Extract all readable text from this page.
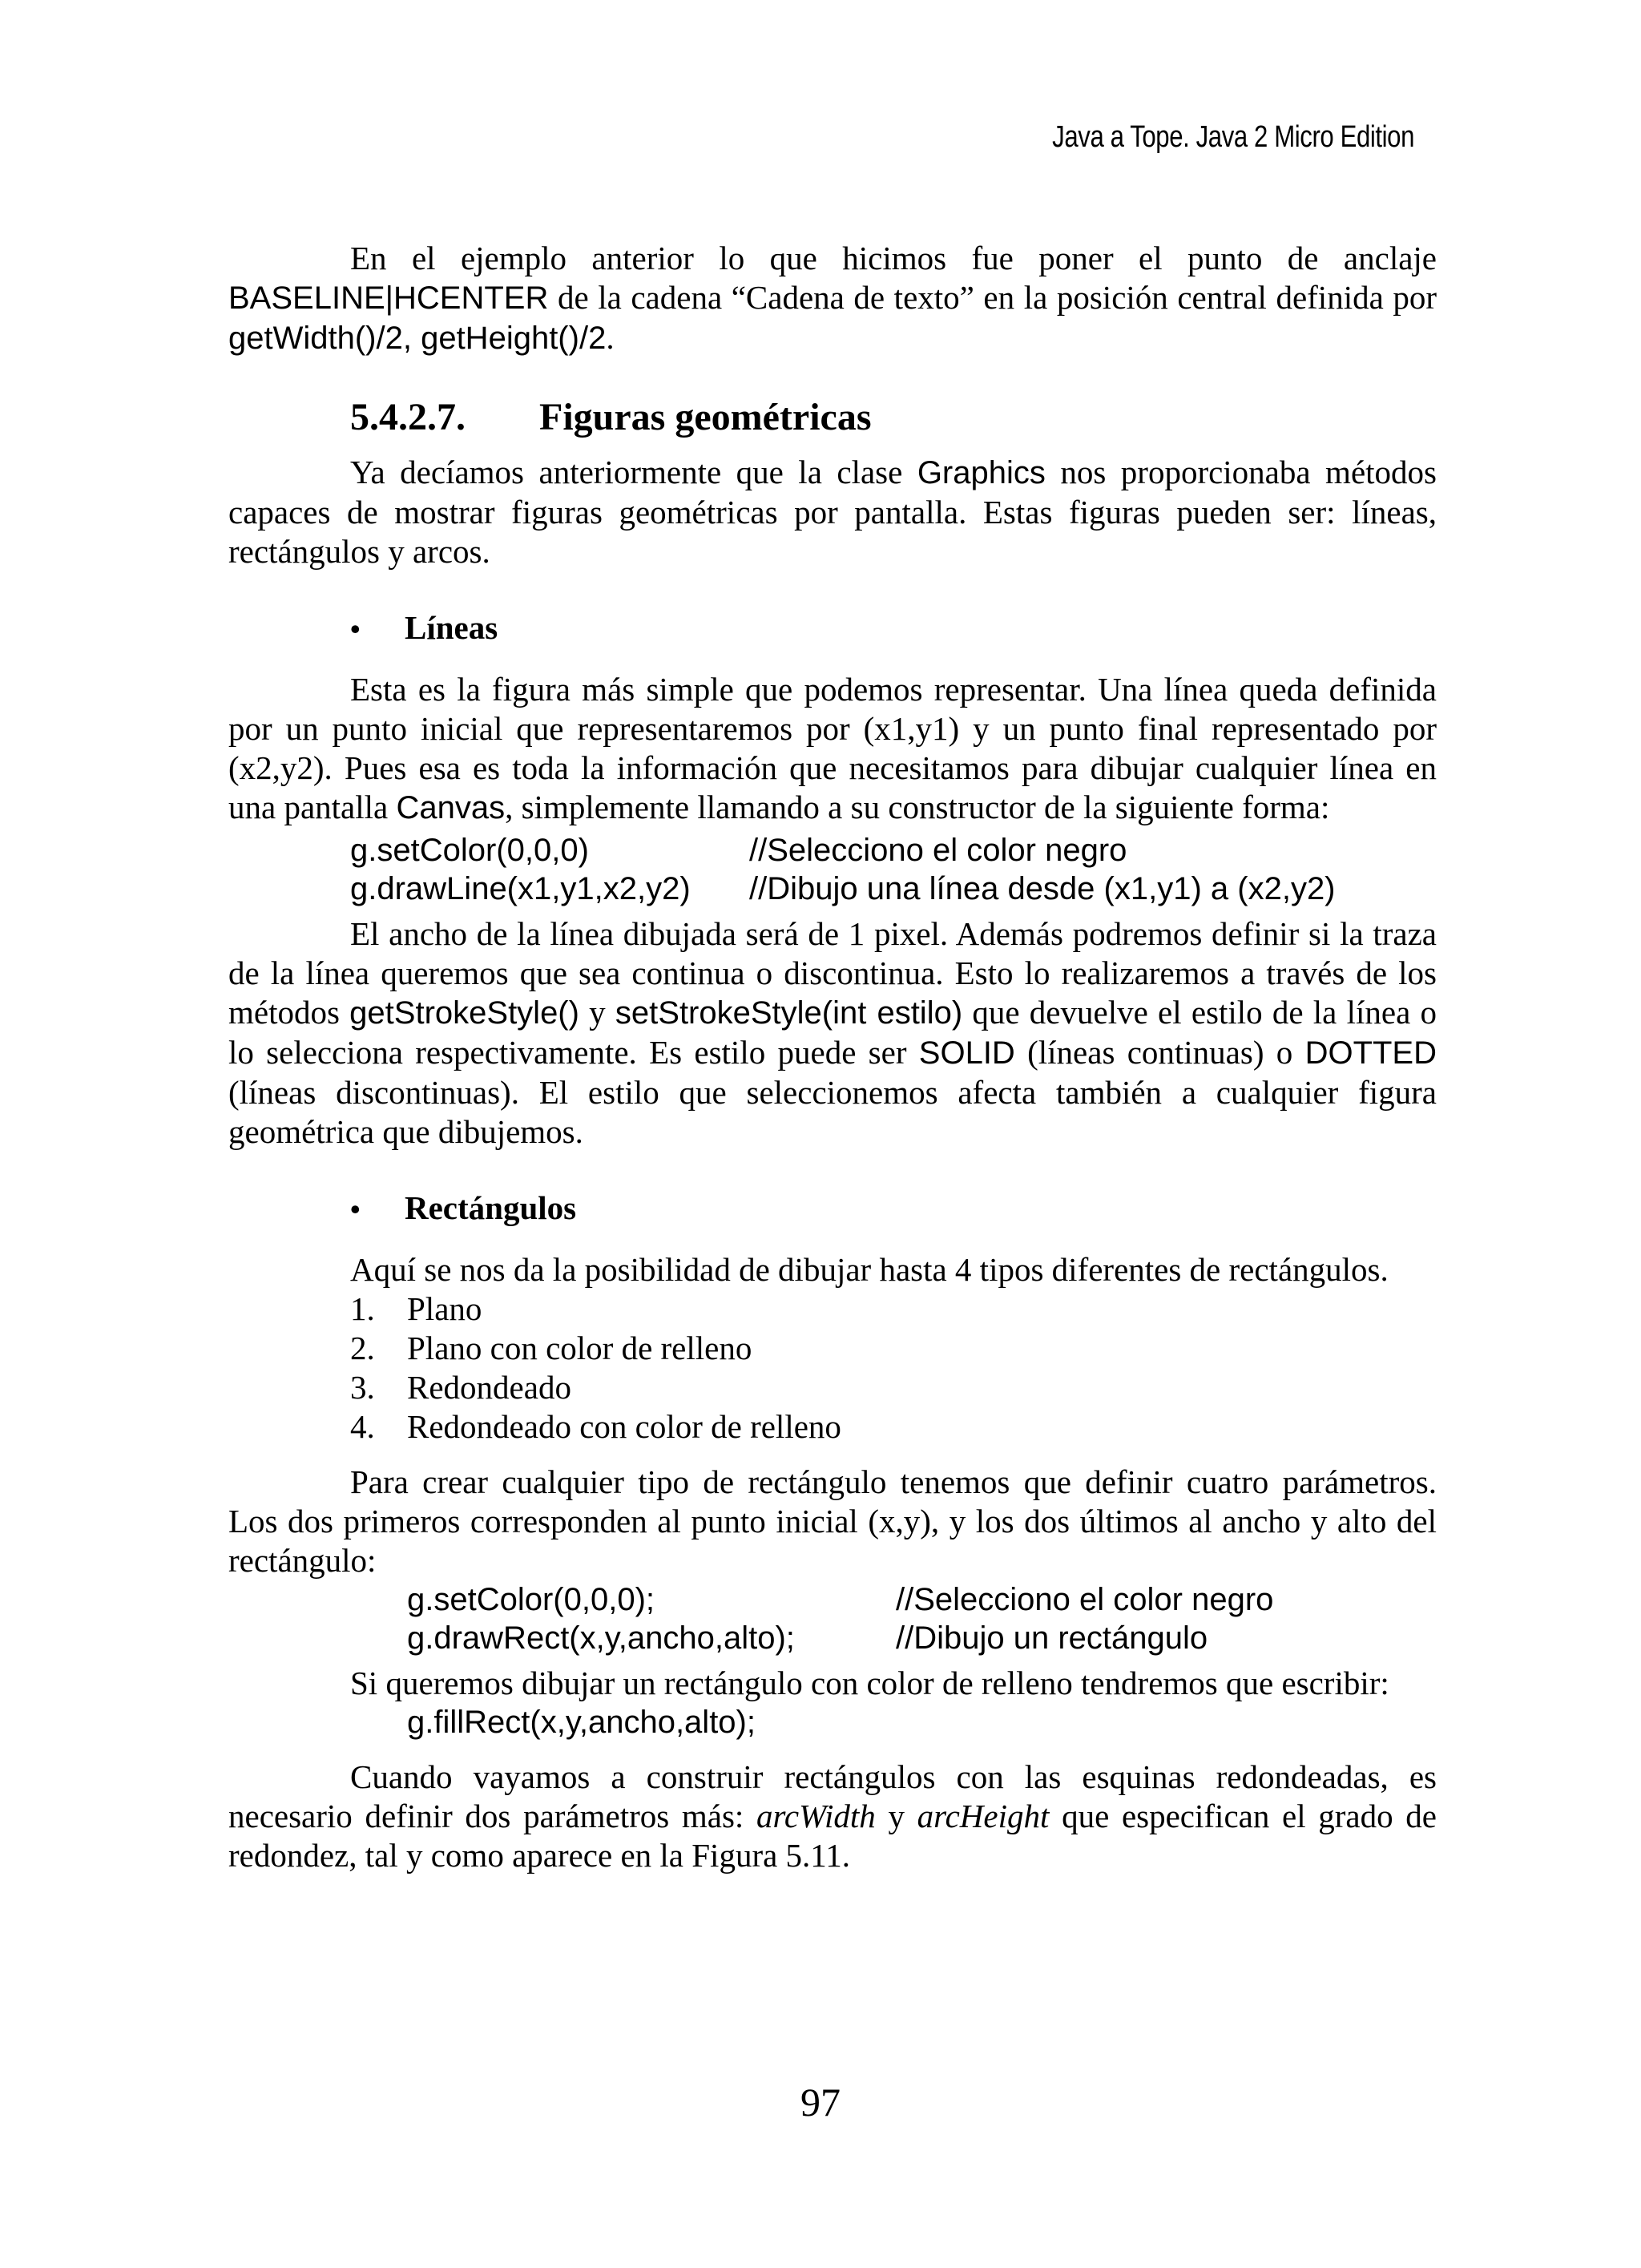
Java a Tope. Java 2 Micro Edition

En el ejemplo anterior lo que hicimos fue poner el punto de anclaje BASELINE|HCENTER de la cadena “Cadena de texto” en la posición central definida por getWidth()/2, getHeight()/2.

5.4.2.7.	Figuras geométricas

Ya decíamos anteriormente que la clase Graphics nos proporcionaba métodos capaces de mostrar figuras geométricas por pantalla. Estas figuras pueden ser: líneas, rectángulos y arcos.

•	Líneas

Esta es la figura más simple que podemos representar. Una línea queda definida por un punto inicial que representaremos por (x1,y1) y un punto final representado por (x2,y2). Pues esa es toda la información que necesitamos para dibujar cualquier línea en una pantalla Canvas, simplemente llamando a su constructor de la siguiente forma:

g.setColor(0,0,0)	//Selecciono el color negro
g.drawLine(x1,y1,x2,y2)	//Dibujo una línea desde (x1,y1) a (x2,y2)

El ancho de la línea dibujada será de 1 pixel. Además podremos definir si la traza de la línea queremos que sea continua o discontinua. Esto lo realizaremos a través de los métodos getStrokeStyle() y setStrokeStyle(int estilo) que devuelve el estilo de la línea o lo selecciona respectivamente. Es estilo puede ser SOLID (líneas continuas) o DOTTED (líneas discontinuas). El estilo que seleccionemos afecta también a cualquier figura geométrica que dibujemos.

•	Rectángulos

Aquí se nos da la posibilidad de dibujar hasta 4 tipos diferentes de rectángulos.

1. Plano
2. Plano con color de relleno
3. Redondeado
4. Redondeado con color de relleno

Para crear cualquier tipo de rectángulo tenemos que definir cuatro parámetros. Los dos primeros corresponden al punto inicial (x,y), y los dos últimos al ancho y alto del rectángulo:

g.setColor(0,0,0);	//Selecciono el color negro
g.drawRect(x,y,ancho,alto);	//Dibujo un rectángulo

Si queremos dibujar un rectángulo con color de relleno tendremos que escribir:

g.fillRect(x,y,ancho,alto);

Cuando vayamos a construir rectángulos con las esquinas redondeadas, es necesario definir dos parámetros más: arcWidth y arcHeight que especifican el grado de redondez, tal y como aparece en la Figura 5.11.

97
